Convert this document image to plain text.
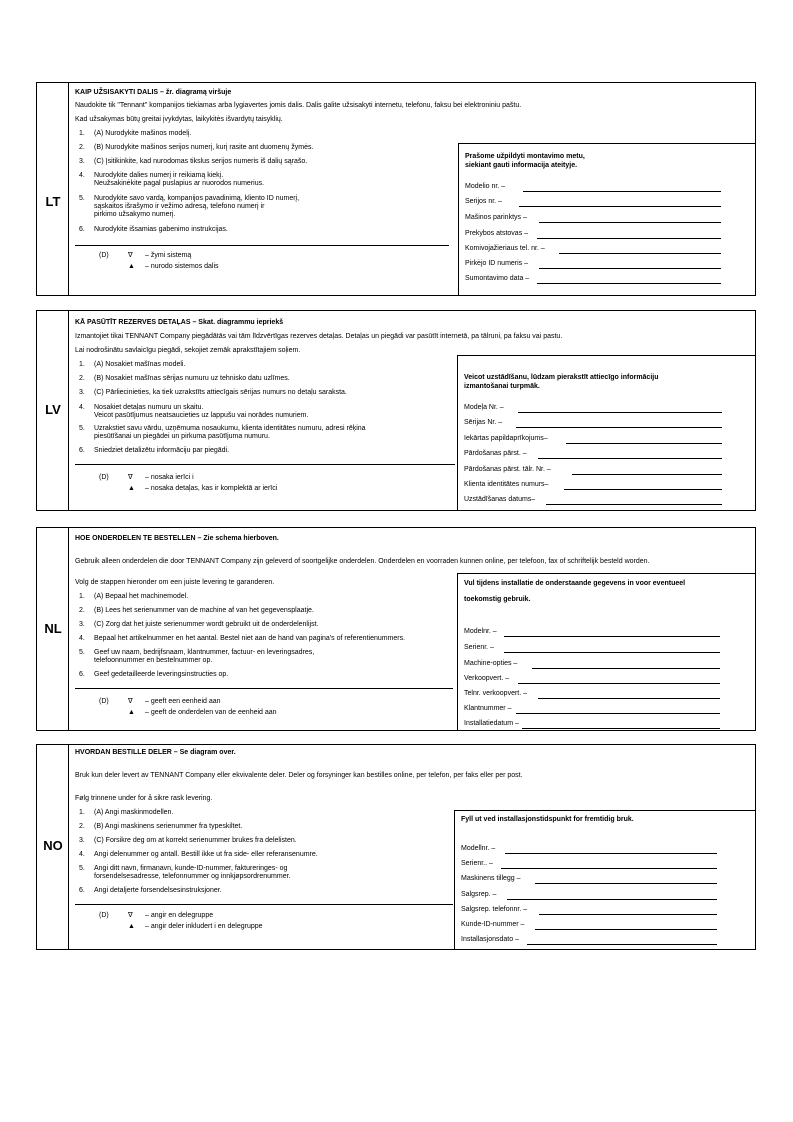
LT
KAIP UŽSISAKYTI DALIS – žr. diagramą viršuje
Naudokite tik "Tennant" kompanijos tiekiamas arba lygiavertes jomis dalis. Dalis galite užsisakyti internetu, telefonu, faksu bei elektroniniu paštu.
Kad užsakymas būtų greitai įvykdytas, laikykitės išvardytų taisyklių.
1. (A) Nurodykite mašinos modelį.
2. (B) Nurodykite mašinos serijos numerį, kurį rasite ant duomenų žymės.
3. (C) Įsitikinkite, kad nurodomas tikslus serijos numeris iš dalių sąrašo.
4. Nurodykite dalies numerį ir reikiamą kiekį.
Neužsakinėkite pagal puslapius ar nuorodos numerius.
5. Nurodykite savo vardą, kompanijos pavadinimą, kliento ID numerį,
sąskaitos išrašymo ir vežimo adresą, telefono numerį ir
pirkimo užsakymo numerį.
6. Nurodykite išsamias gabenimo instrukcijas.
(D)	∇ – žymi sistemą
▲ – nurodo sistemos dalis
Prašome užpildyti montavimo metu,
siekiant gauti informacija ateityje.
Modelio nr. –
Serijos nr. –
Mašinos parinktys –
Prekybos atstovas –
Komivojažieriaus tel. nr. –
Pirkėjo ID numeris –
Sumontavimo data –
LV
KĀ PASŪTĪT REZERVES DETAĻAS – Skat. diagrammu iepriekš
Izmantojiet tikai TENNANT Company piegādātās vai tām līdzvērtīgas rezerves detaļas. Detaļas un piegādi var pasūtīt internetā, pa tālruni, pa faksu vai pastu.
Lai nodrošinātu savlaicīgu piegādi, sekojiet zemāk aprakstītajiem soļiem.
1. (A) Nosakiet mašīnas modeli.
2. (B) Nosakiet mašīnas sērijas numuru uz tehnisko datu uzlīmes.
3. (C) Pārliecinieties, ka tiek uzrakstīts attiecīgais sērijas numurs no detaļu saraksta.
4. Nosakiet detaļas numuru un skaitu.
Veicot pasūtījumus neatsaucieties uz lappušu vai norādes numuriem.
5. Uzrakstiet savu vārdu, uzņēmuma nosaukumu, klienta identitātes numuru, adresi rēķina
piesūtīšanai un piegādei un pirkuma pasūtījuma numuru.
6. Sniedziet detalizētu informāciju par piegādi.
(D)	∇ – nosaka ierīci i
▲ – nosaka detaļas, kas ir komplektā ar ierīci
Veicot uzstādīšanu, lūdzam pierakstīt attiecīgo informāciju
izmantošanai turpmāk.
Modeļa Nr. –
Sērijas Nr. –
Iekārtas papildaprīkojums–
Pārdošanas pārst. –
Pārdošanas pārst. tālr. Nr. –
Klienta identitātes numurs–
Uzstādīšanas datums–
NL
HOE ONDERDELEN TE BESTELLEN – Zie schema hierboven.
Gebruik alleen onderdelen die door TENNANT Company zijn geleverd of soortgelijke onderdelen. Onderdelen en voorraden kunnen online, per telefoon, fax of schriftelijk besteld worden.
Volg de stappen hieronder om een juiste levering te garanderen.
1. (A) Bepaal het machinemodel.
2. (B) Lees het serienummer van de machine af van het gegevensplaatje.
3. (C) Zorg dat het juiste serienummer wordt gebruikt uit de onderdelenlijst.
4. Bepaal het artikelnummer en het aantal. Bestel niet aan de hand van pagina's of referentienummers.
5. Geef uw naam, bedrijfsnaam, klantnummer, factuur- en leveringsadres,
telefoonnummer en bestelnummer op.
6. Geef gedetailleerde leveringsinstructies op.
(D)	∇ – geeft een eenheid aan
▲ – geeft de onderdelen van de eenheid aan
Vul tijdens installatie de onderstaande gegevens in voor eventueel

toekomstig gebruik.
Modelnr. –
Serienr. –
Machine-opties –
Verkoopvert. –
Telnr. verkoopvert. –
Klantnummer –
Installatiedatum –
NO
HVORDAN BESTILLE DELER – Se diagram over.
Bruk kun deler levert av TENNANT Company eller ekvivalente deler. Deler og forsyninger kan bestilles online, per telefon, per faks eller per post.
Følg trinnene under for å sikre rask levering.
1. (A) Angi maskinmodellen.
2. (B) Angi maskinens serienummer fra typeskiltet.
3. (C) Forsikre deg om at korrekt serienummer brukes fra delelisten.
4. Angi delenummer og antall. Bestill ikke ut fra side- eller referansenumre.
5. Angi ditt navn, firmanavn, kunde-ID-nummer, faktureringes- og
forsendelsesadresse, telefonnummer og innkjøpsordrenummer.
6. Angi detaljerte forsendelsesinstruksjoner.
(D)	∇ – angir en delegruppe
▲ – angir deler inkludert i en delegruppe
Fyll ut ved installasjonstidspunkt for fremtidig bruk.
Modellnr. –
Serienr.. –
Maskinens tillegg –
Salgsrep. –
Salgsrep. telefonnr. –
Kunde-ID-nummer –
Installasjonsdato –
